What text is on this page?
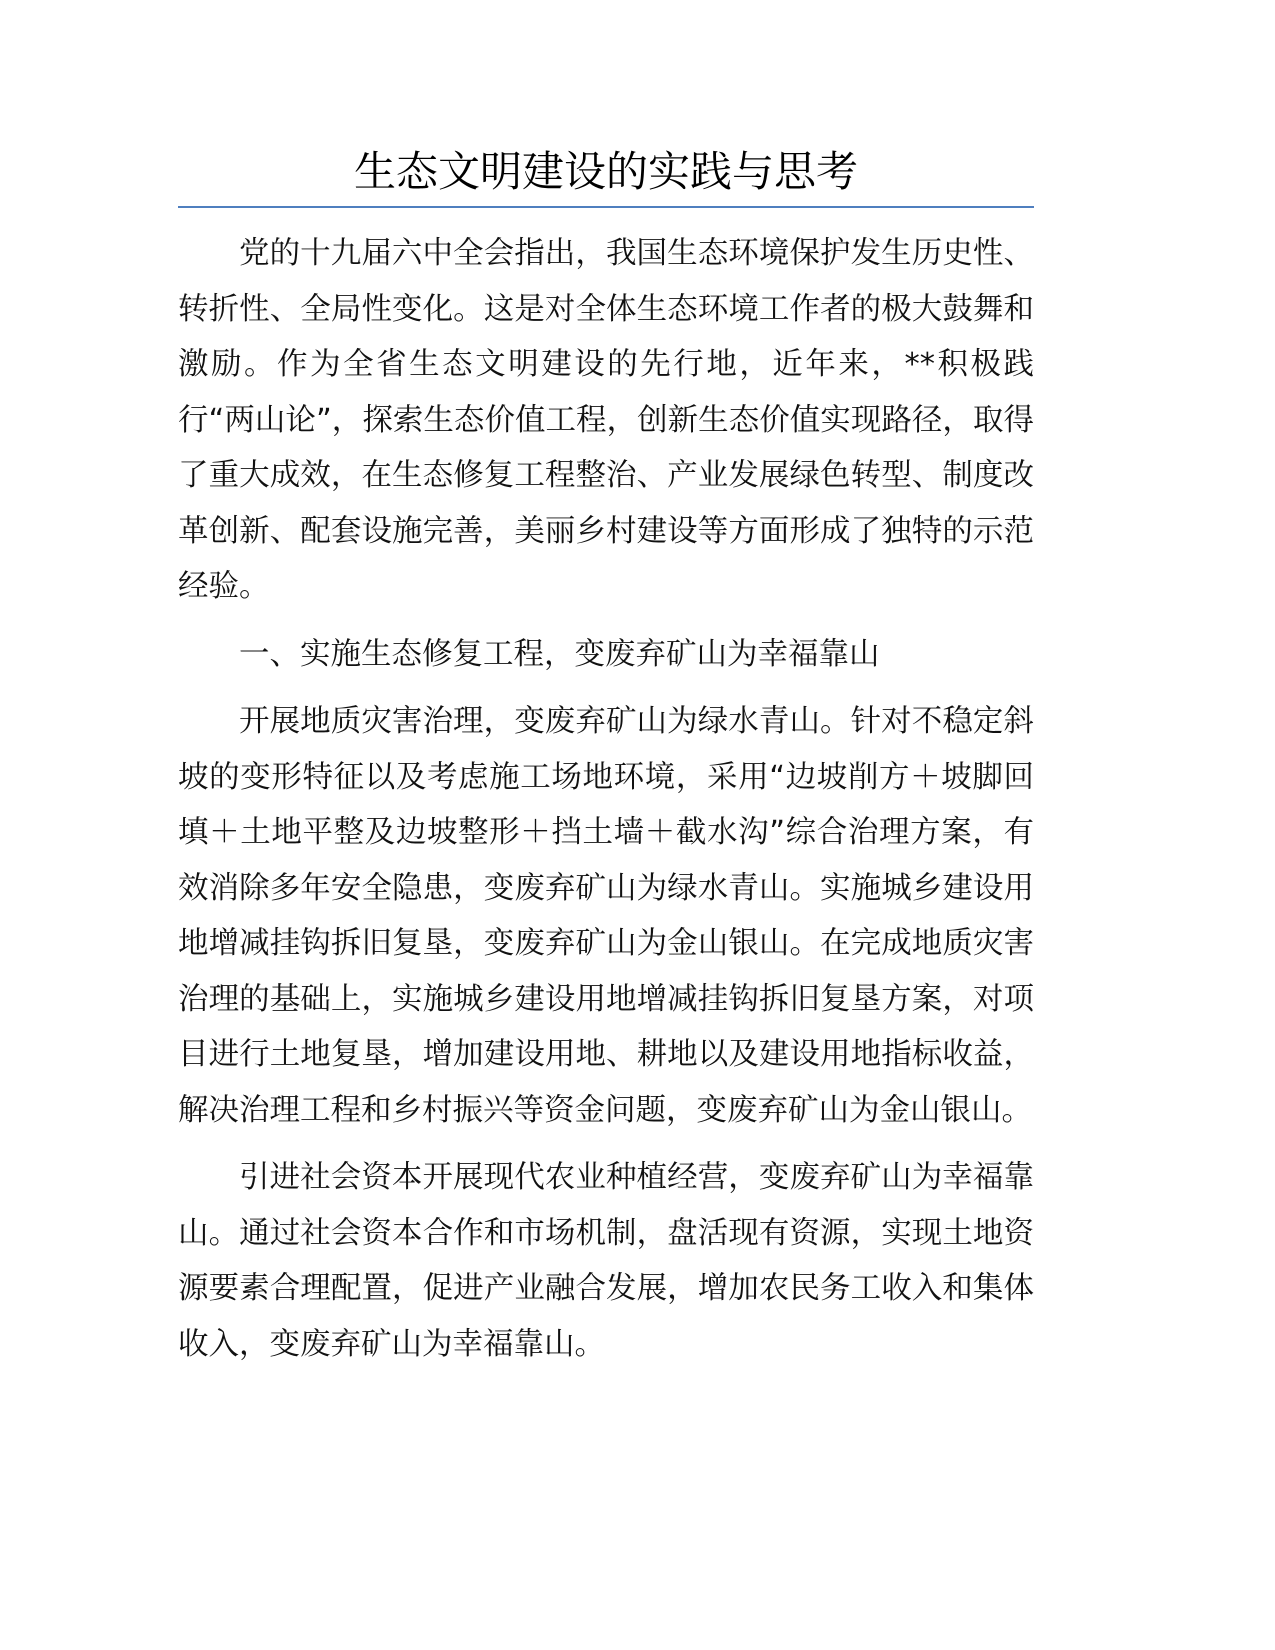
生态文明建设的实践与思考

党的十九届六中全会指出，我国生态环境保护发生历史性、转折性、全局性变化。这是对全体生态环境工作者的极大鼓舞和激励。作为全省生态文明建设的先行地，近年来，**积极践行“两山论”，探索生态价值工程，创新生态价值实现路径，取得了重大成效，在生态修复工程整治、产业发展绿色转型、制度改革创新、配套设施完善，美丽乡村建设等方面形成了独特的示范经验。

一、实施生态修复工程，变废弃矿山为幸福靠山

开展地质灾害治理，变废弃矿山为绿水青山。针对不稳定斜坡的变形特征以及考虑施工场地环境，采用“边坡削方＋坡脚回填＋土地平整及边坡整形＋挡土墙＋截水沟”综合治理方案，有效消除多年安全隐患，变废弃矿山为绿水青山。实施城乡建设用地增减挂钩拆旧复垦，变废弃矿山为金山银山。在完成地质灾害治理的基础上，实施城乡建设用地增减挂钩拆旧复垦方案，对项目进行土地复垦，增加建设用地、耕地以及建设用地指标收益，解决治理工程和乡村振兴等资金问题，变废弃矿山为金山银山。

引进社会资本开展现代农业种植经营，变废弃矿山为幸福靠山。通过社会资本合作和市场机制，盘活现有资源，实现土地资源要素合理配置，促进产业融合发展，增加农民务工收入和集体收入，变废弃矿山为幸福靠山。
